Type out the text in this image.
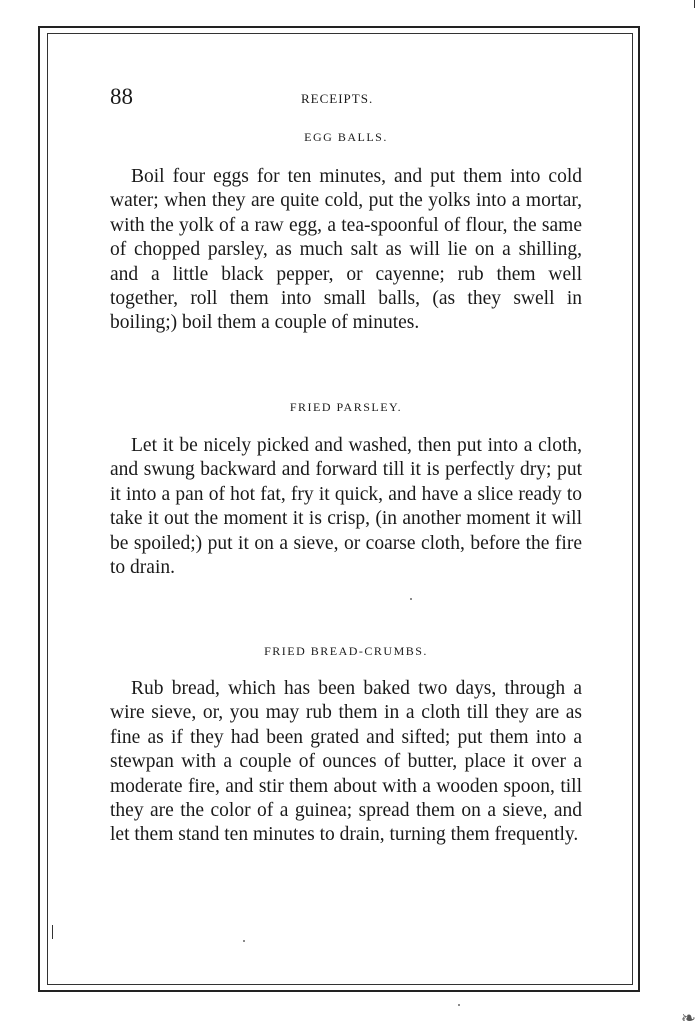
88	RECEIPTS.
EGG BALLS.

Boil four eggs for ten minutes, and put them into cold water; when they are quite cold, put the yolks into a mortar, with the yolk of a raw egg, a tea-spoonful of flour, the same of chopped parsley, as much salt as will lie on a shilling, and a little black pepper, or cayenne; rub them well together, roll them into small balls, (as they swell in boiling;) boil them a couple of minutes.

FRIED PARSLEY.

Let it be nicely picked and washed, then put into a cloth, and swung backward and forward till it is perfectly dry; put it into a pan of hot fat, fry it quick, and have a slice ready to take it out the moment it is crisp, (in another moment it will be spoiled;) put it on a sieve, or coarse cloth, before the fire to drain.

FRIED BREAD-CRUMBS.

Rub bread, which has been baked two days, through a wire sieve, or, you may rub them in a cloth till they are as fine as if they had been grated and sifted; put them into a stewpan with a couple of ounces of butter, place it over a moderate fire, and stir them about with a wooden spoon, till they are the color of a guinea; spread them on a sieve, and let them stand ten minutes to drain, turning them frequently.

❧
